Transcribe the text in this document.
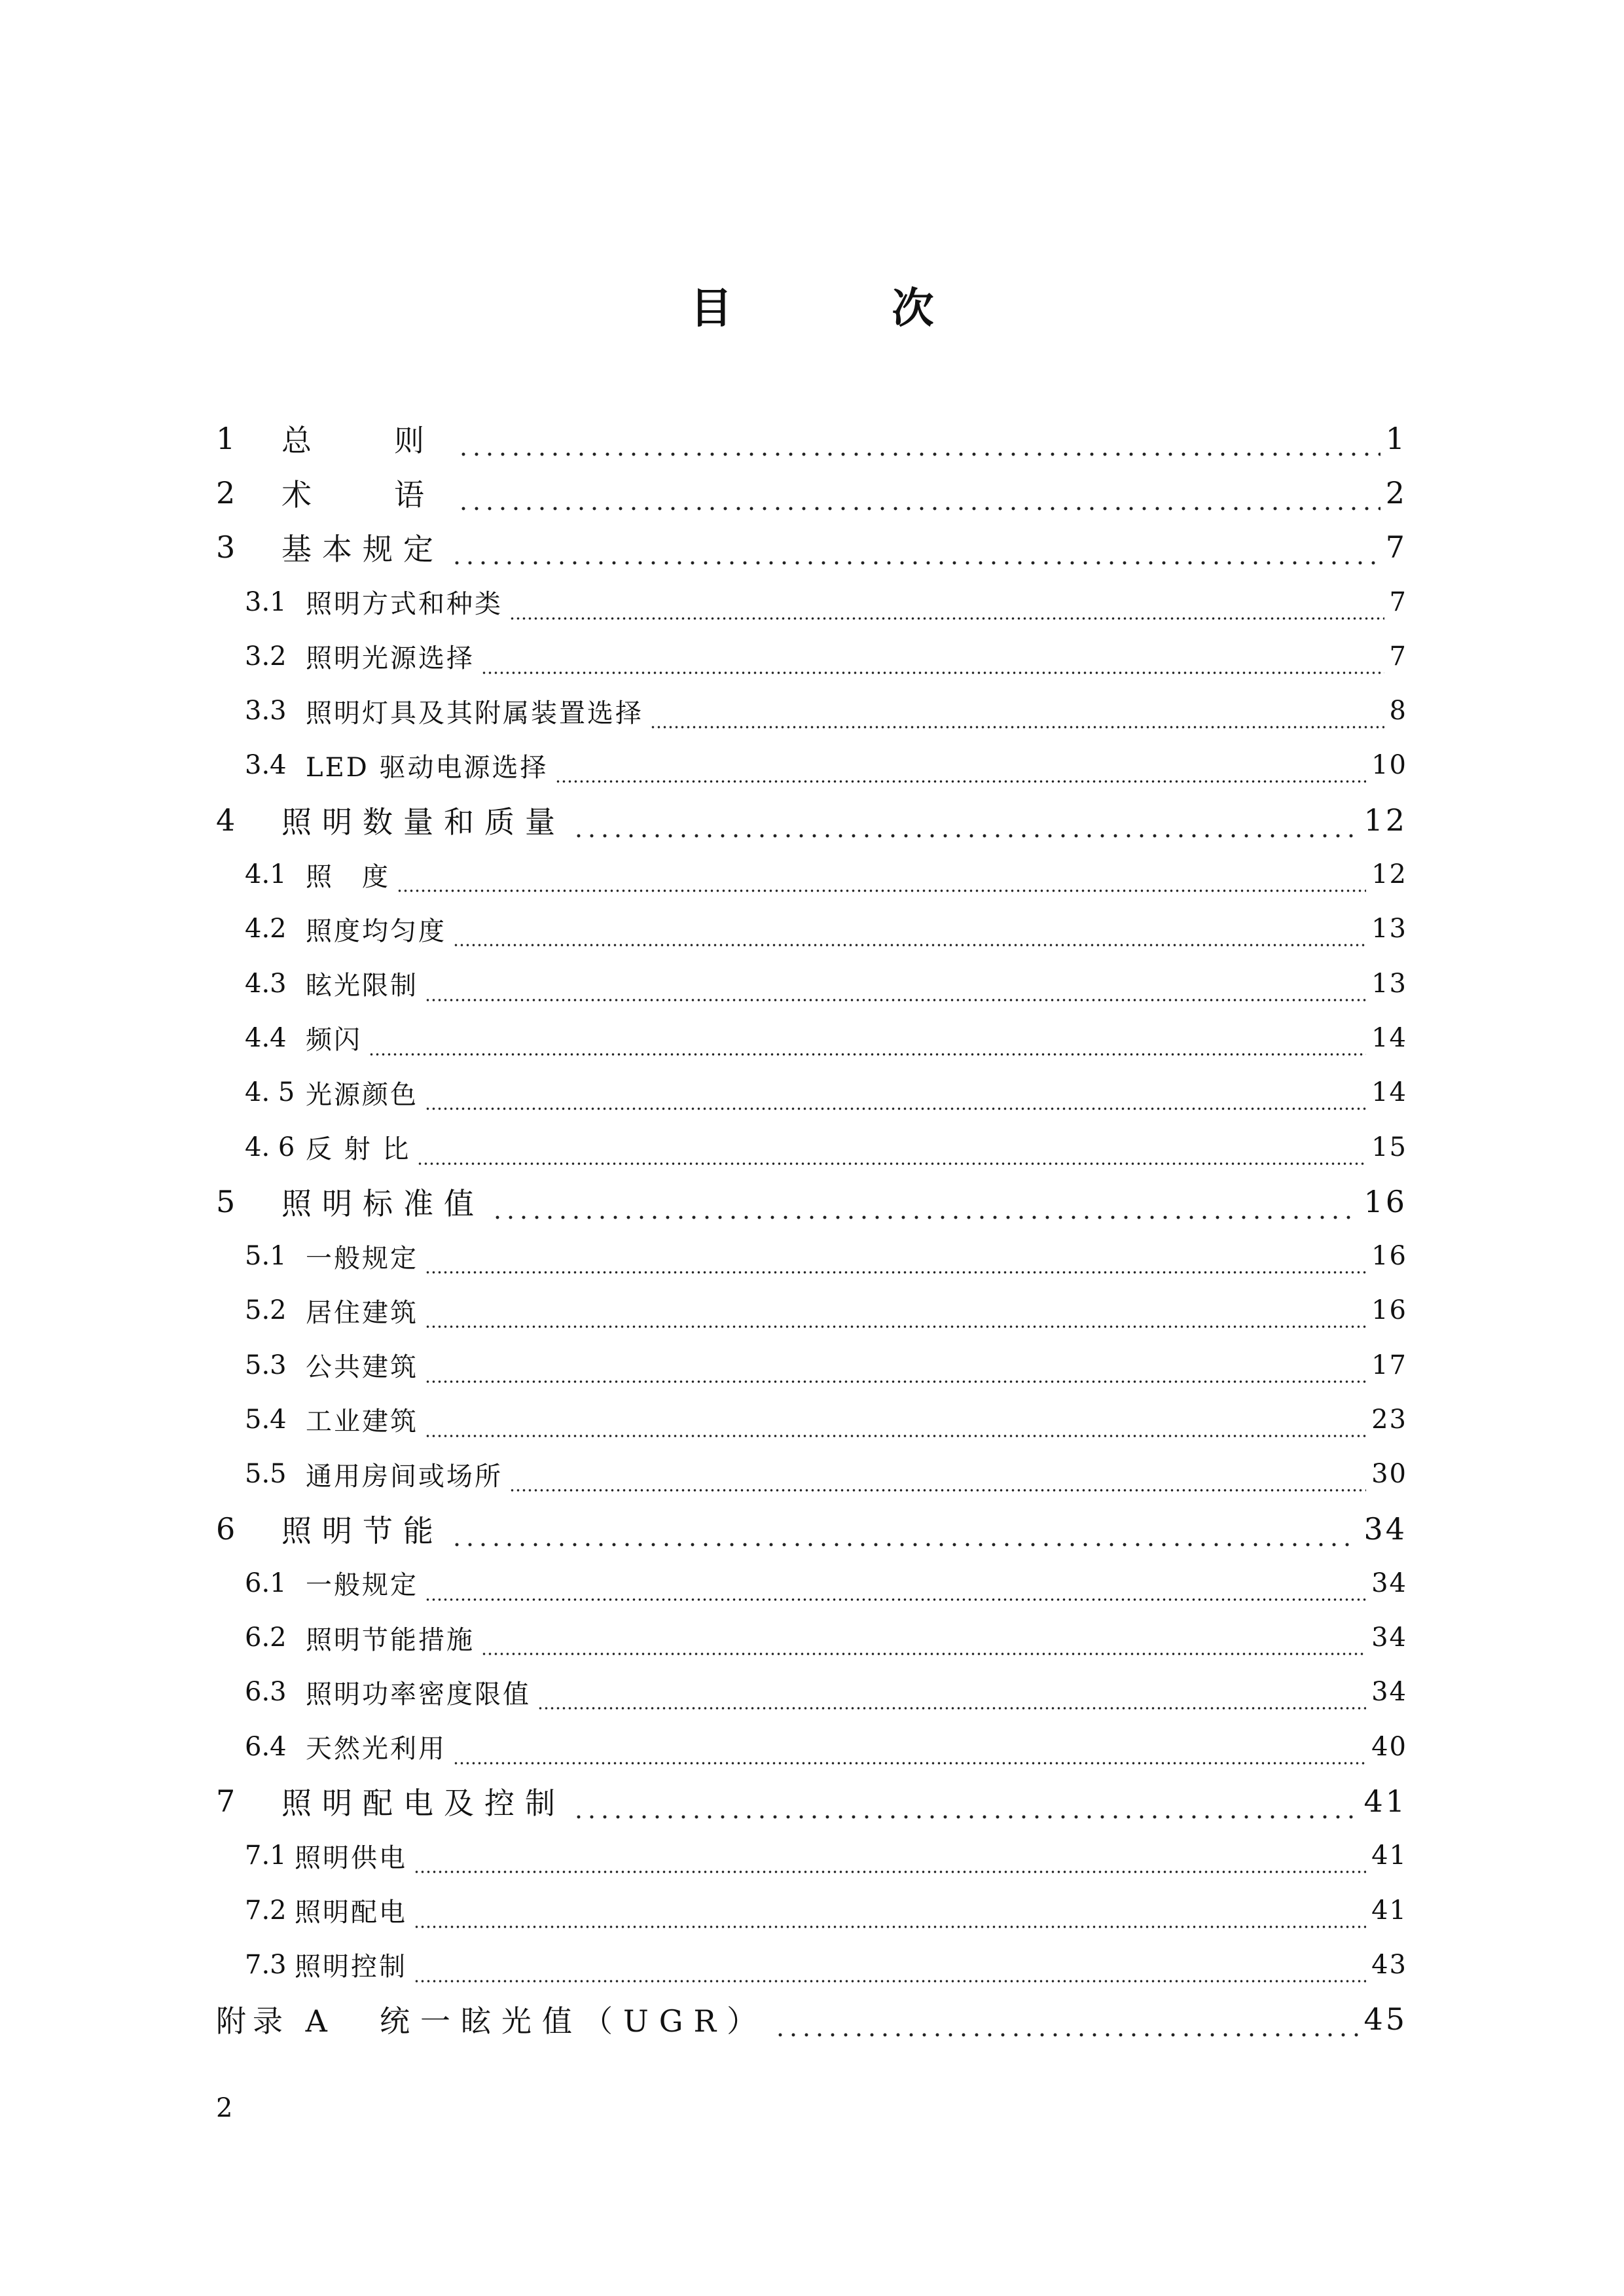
目　次
1	总　则	1
2	术　语	2
3	基本规定	7
3.1 照明方式和种类	7
3.2 照明光源选择	7
3.3 照明灯具及其附属装置选择	8
3.4 LED 驱动电源选择	10
4	照明数量和质量	12
4.1 照　度	12
4.2 照度均匀度	13
4.3 眩光限制	13
4.4 频闪	14
4. 5 光源颜色	14
4. 6 反 射 比	15
5	照明标准值	16
5.1 一般规定	16
5.2 居住建筑	16
5.3 公共建筑	17
5.4 工业建筑	23
5.5 通用房间或场所	30
6	照明节能	34
6.1 一般规定	34
6.2 照明节能措施	34
6.3 照明功率密度限值	34
6.4 天然光利用	40
7	照明配电及控制	41
7.1 照明供电	41
7.2 照明配电	41
7.3 照明控制	43
附录 A	统一眩光值（UGR）	45
2
